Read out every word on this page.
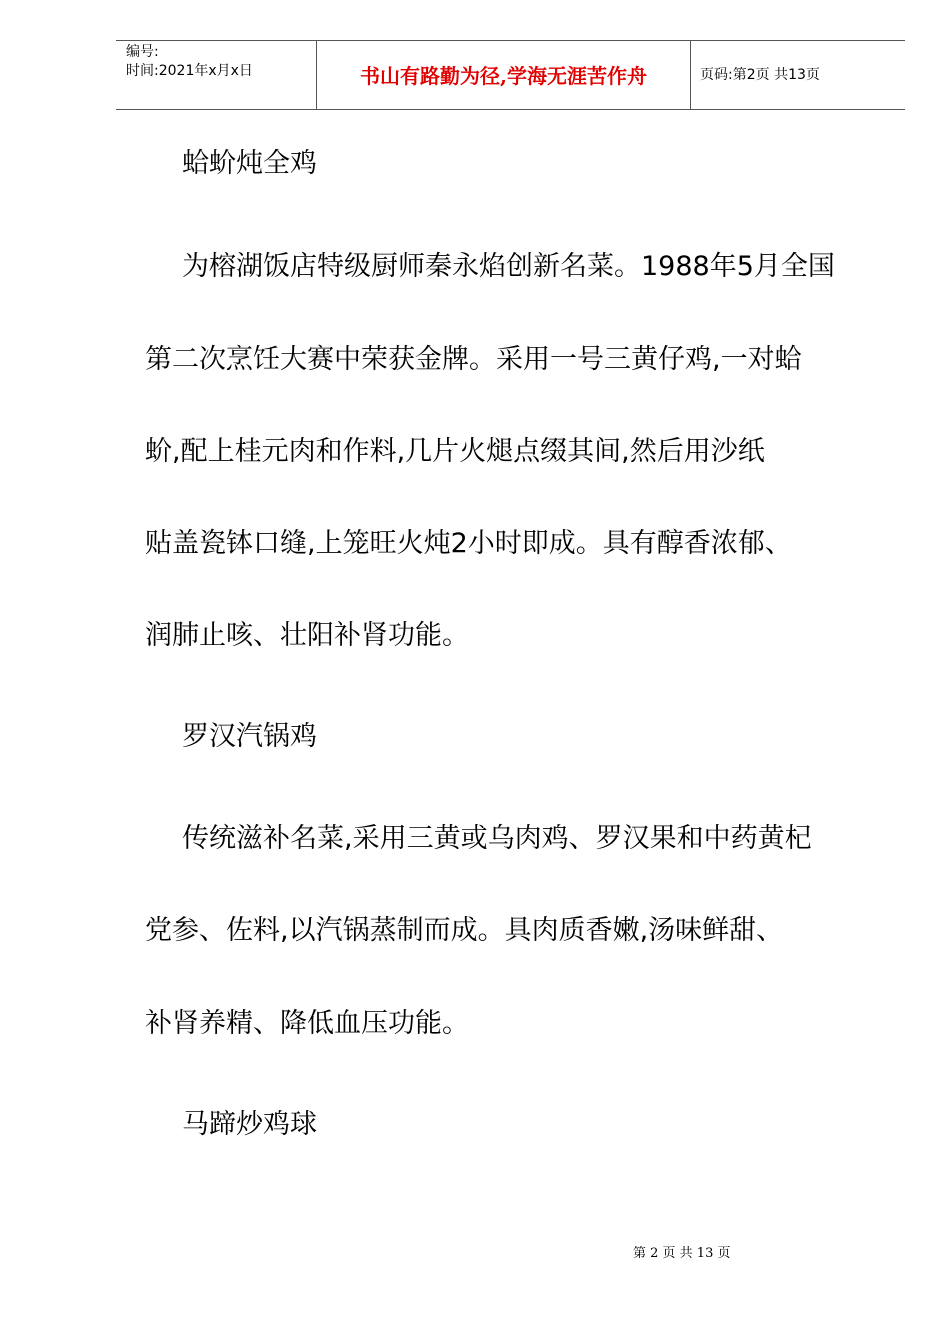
编号:
时间:2021年x月x日	书山有路勤为径,学海无涯苦作舟	页码:第2页 共13页
蛤蚧炖全鸡
为榕湖饭店特级厨师秦永焰创新名菜。1988年5月全国
第二次烹饪大赛中荣获金牌。采用一号三黄仔鸡,一对蛤
蚧,配上桂元肉和作料,几片火煺点缀其间,然后用沙纸
贴盖瓷钵口缝,上笼旺火炖2小时即成。具有醇香浓郁、
润肺止咳、壮阳补肾功能。
罗汉汽锅鸡
传统滋补名菜,采用三黄或乌肉鸡、罗汉果和中药黄杞
党参、佐料,以汽锅蒸制而成。具肉质香嫩,汤味鲜甜、
补肾养精、降低血压功能。
马蹄炒鸡球
第 2 页 共 13 页
